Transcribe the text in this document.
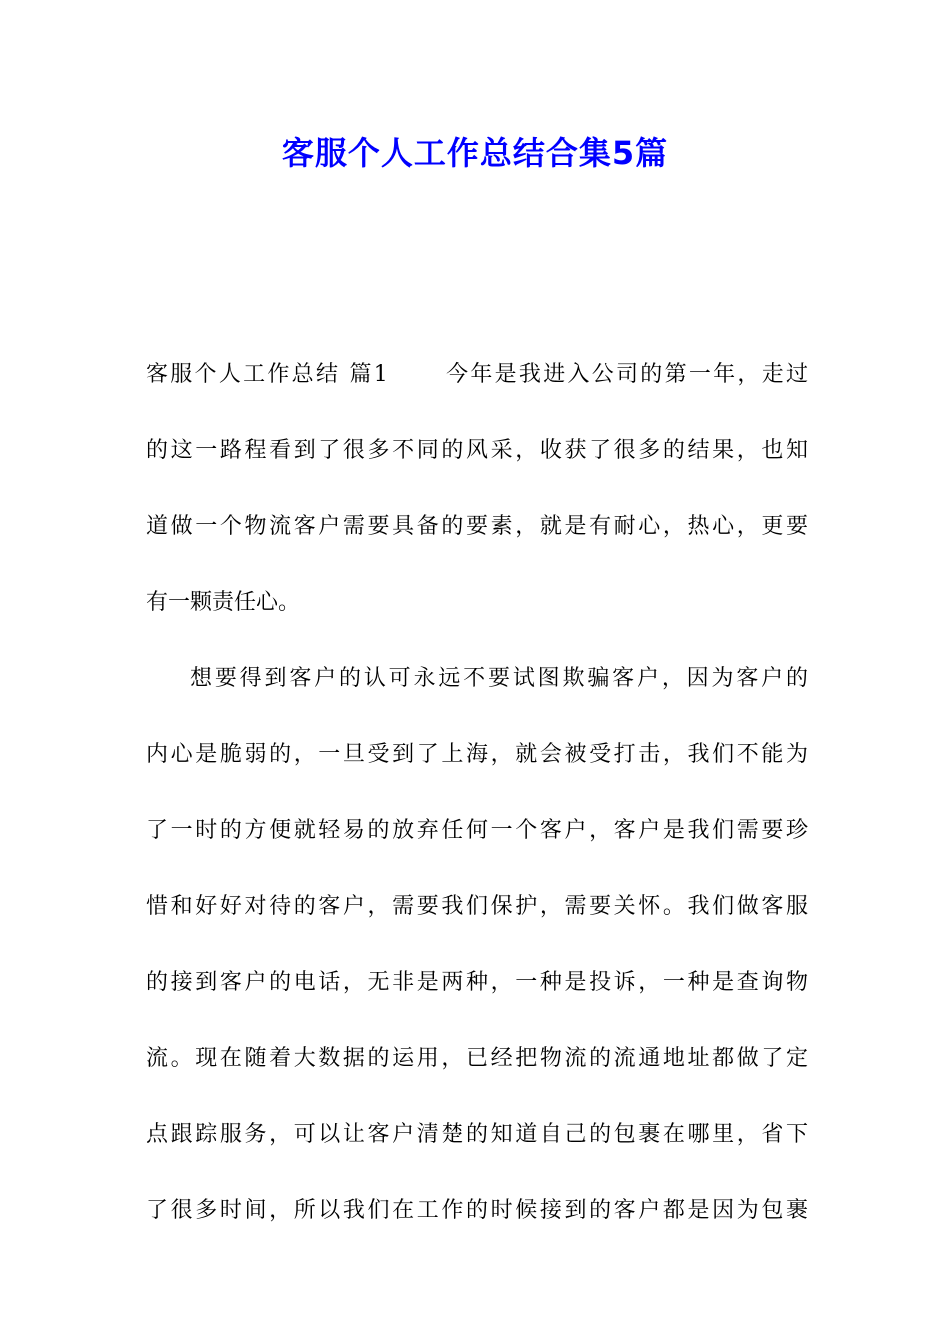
客服个人工作总结合集5篇
客服个人工作总结 篇1	今年是我进入公司的第一年，走过
的这一路程看到了很多不同的风采，收获了很多的结果，也知
道做一个物流客户需要具备的要素，就是有耐心，热心，更要
有一颗责任心。
想要得到客户的认可永远不要试图欺骗客户，因为客户的
内心是脆弱的，一旦受到了上海，就会被受打击，我们不能为
了一时的方便就轻易的放弃任何一个客户，客户是我们需要珍
惜和好好对待的客户，需要我们保护，需要关怀。我们做客服
的接到客户的电话，无非是两种，一种是投诉，一种是查询物
流。现在随着大数据的运用，已经把物流的流通地址都做了定
点跟踪服务，可以让客户清楚的知道自己的包裹在哪里，省下
了很多时间，所以我们在工作的时候接到的客户都是因为包裹
